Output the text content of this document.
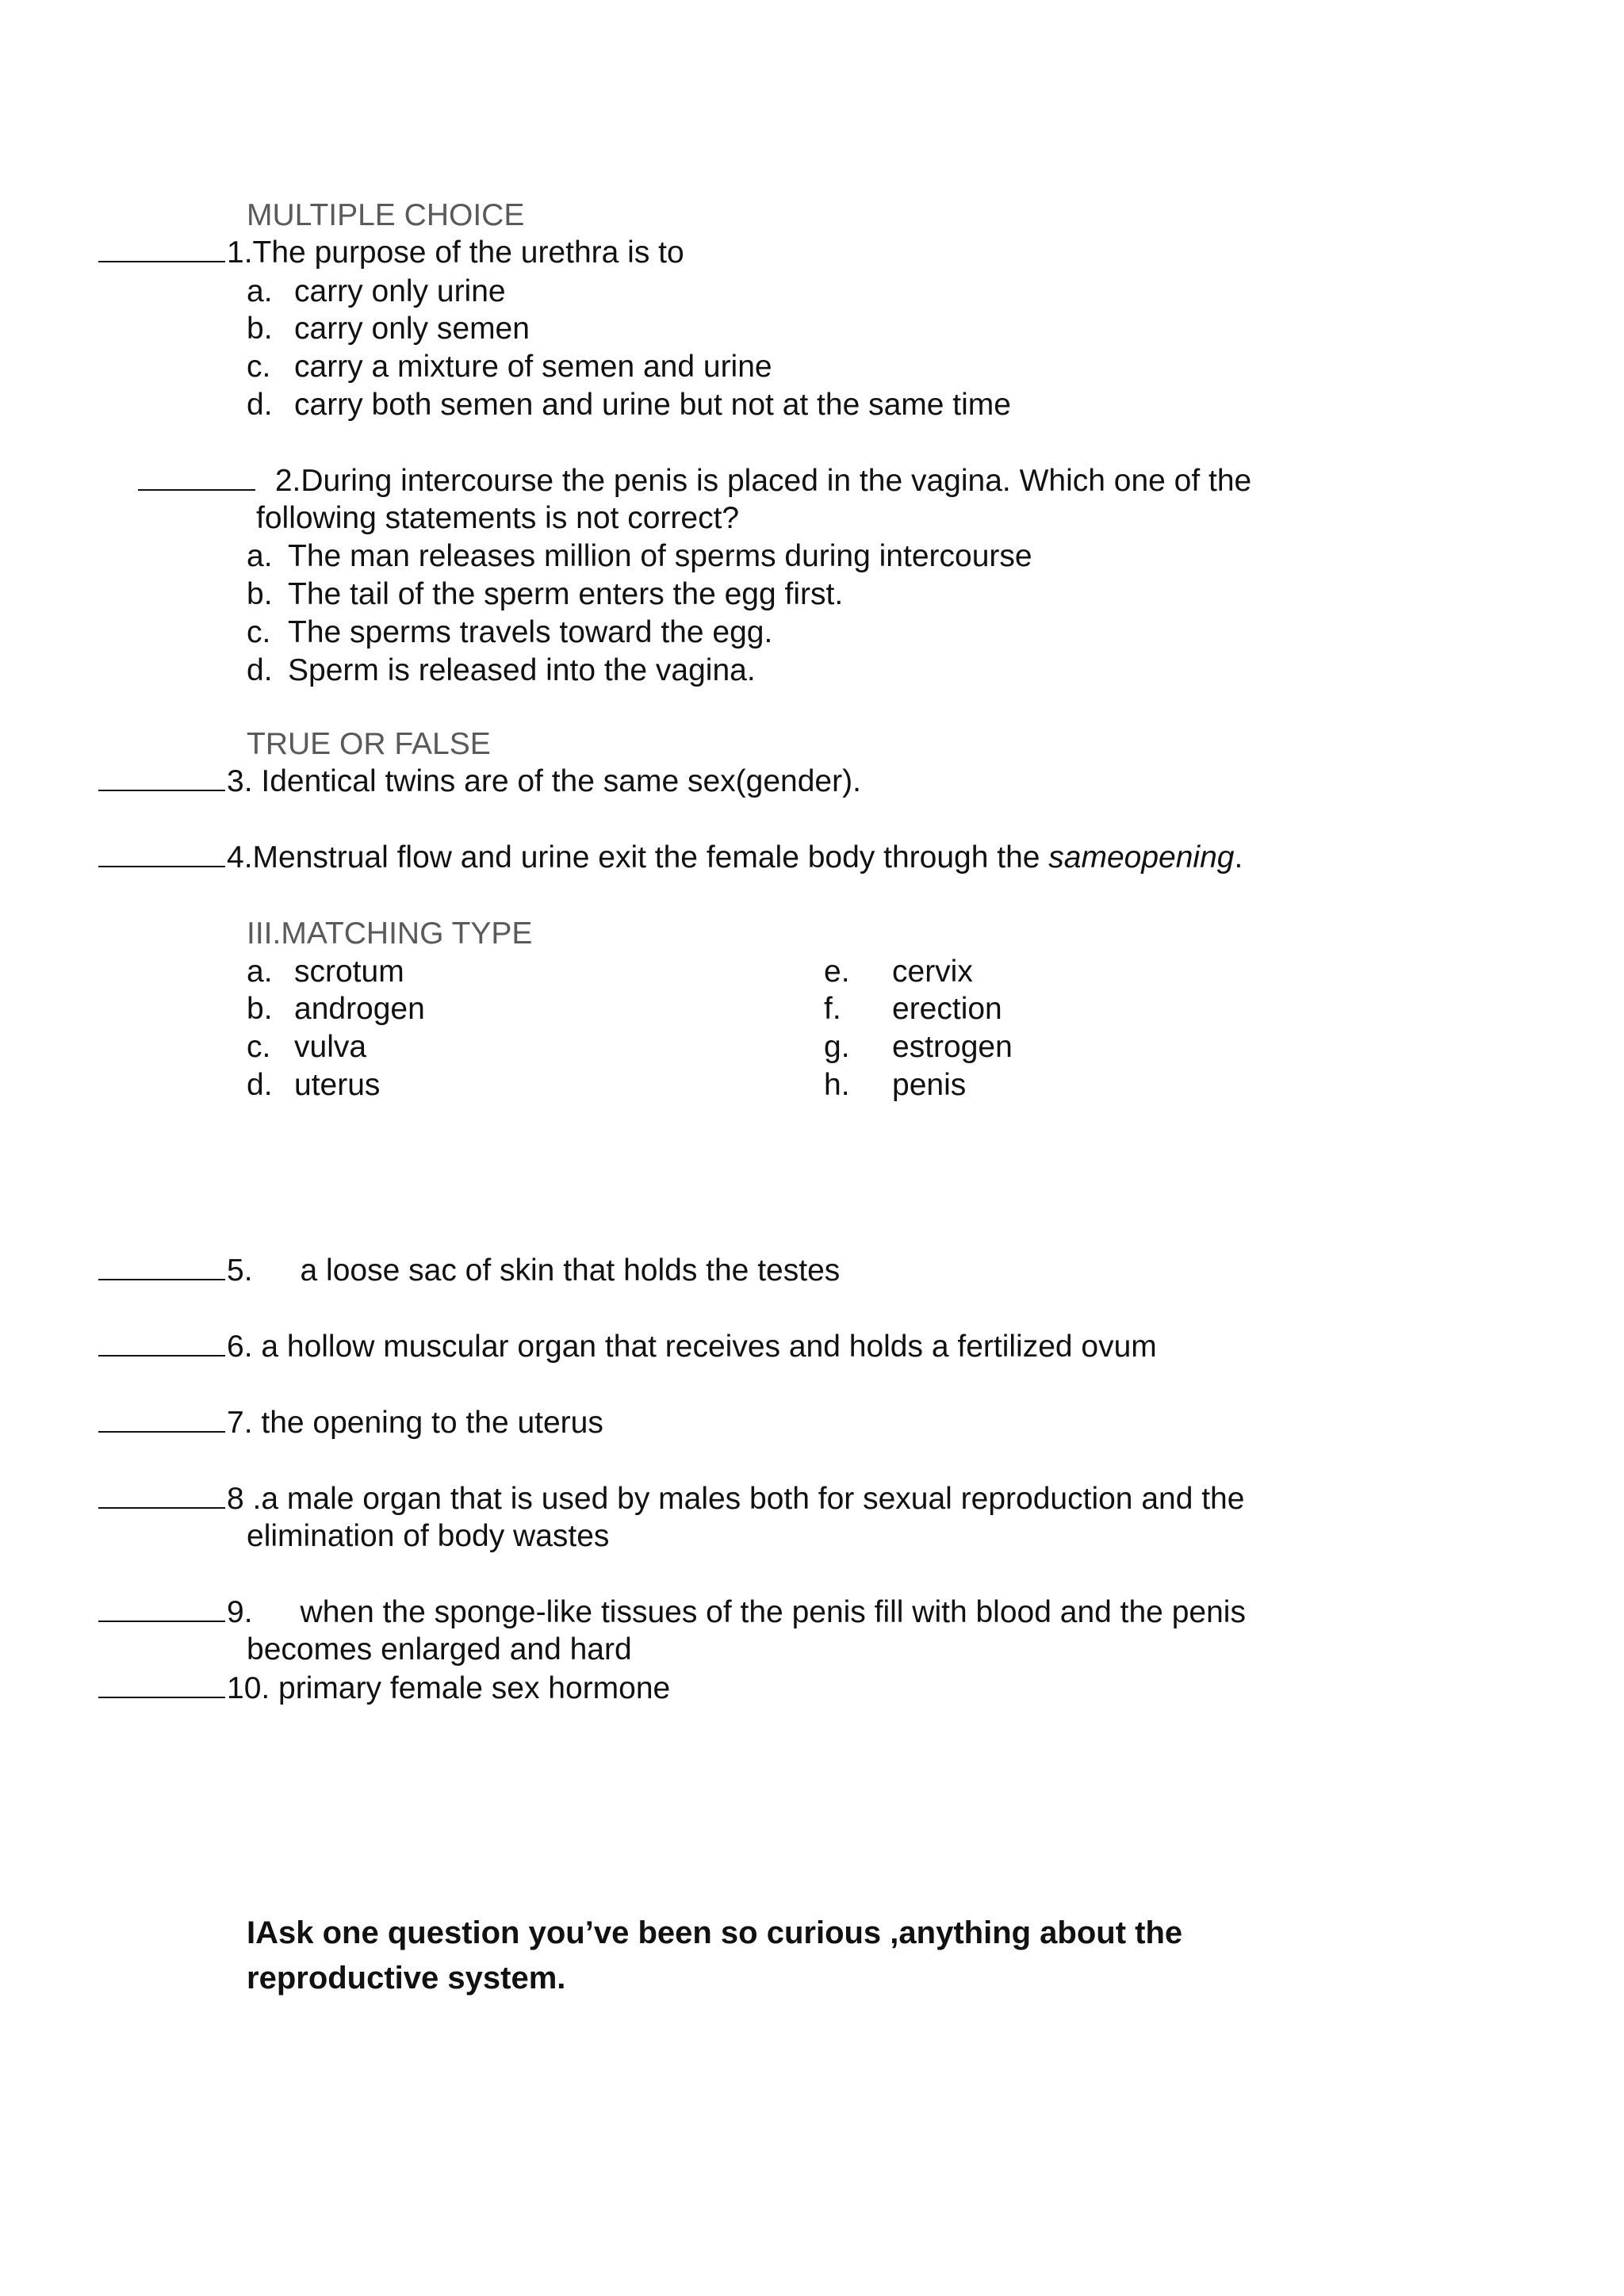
MULTIPLE CHOICE
1.The purpose of the urethra is to
a. carry only urine
b. carry only semen
c. carry a mixture of semen and urine
d. carry both semen and urine but not at the same time
2.During intercourse the penis is placed in the vagina. Which one of the
following statements is not correct?
a. The man releases million of sperms during intercourse
b. The tail of the sperm enters the egg first.
c. The sperms travels toward the egg.
d. Sperm is released into the vagina.
TRUE OR FALSE
3. Identical twins are of the same sex(gender).
4.Menstrual flow and urine exit the female body through the sameopening.
III.MATCHING TYPE
a. scrotum
b. androgen
c. vulva
d. uterus
e. cervix
f. erection
g. estrogen
h. penis
5. a loose sac of skin that holds the testes
6. a hollow muscular organ that receives and holds a fertilized ovum
7. the opening to the uterus
8 .a male organ that is used by males both for sexual reproduction and the
elimination of body wastes
9. when the sponge-like tissues of the penis fill with blood and the penis
becomes enlarged and hard
10. primary female sex hormone
IAsk one question you’ve been so curious ,anything about the
reproductive system.
